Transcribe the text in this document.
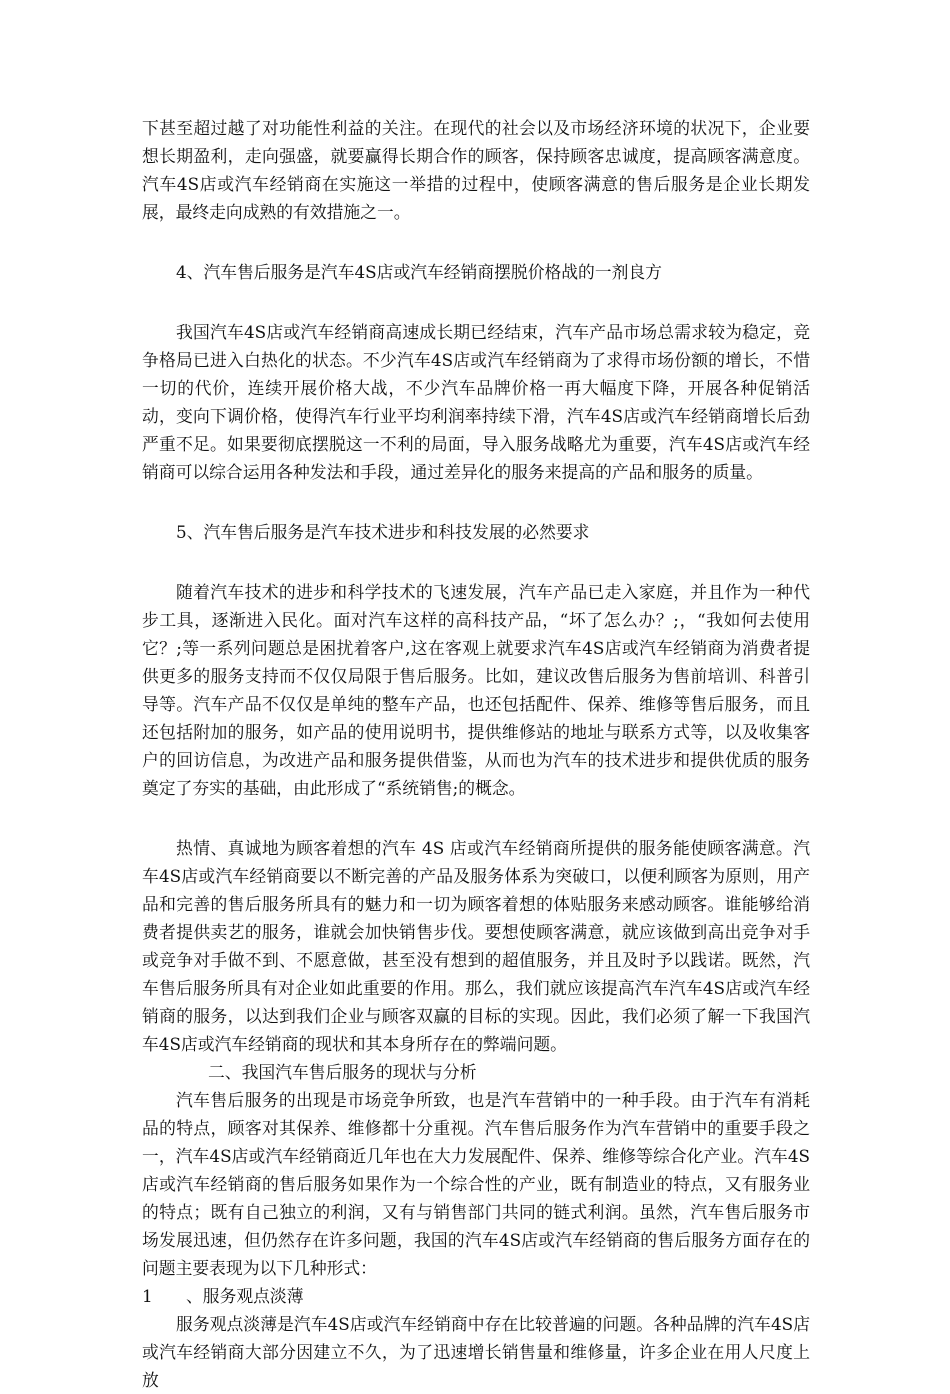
下甚至超过越了对功能性利益的关注。在现代的社会以及市场经济环境的状况下，企业要想长期盈利，走向强盛，就要赢得长期合作的顾客，保持顾客忠诚度，提高顾客满意度。汽车4S店或汽车经销商在实施这一举措的过程中，使顾客满意的售后服务是企业长期发展，最终走向成熟的有效措施之一。

4、汽车售后服务是汽车4S店或汽车经销商摆脱价格战的一剂良方

我国汽车4S店或汽车经销商高速成长期已经结束，汽车产品市场总需求较为稳定，竞争格局已进入白热化的状态。不少汽车4S店或汽车经销商为了求得市场份额的增长，不惜一切的代价，连续开展价格大战，不少汽车品牌价格一再大幅度下降，开展各种促销活动，变向下调价格，使得汽车行业平均利润率持续下滑，汽车4S店或汽车经销商增长后劲严重不足。如果要彻底摆脱这一不利的局面，导入服务战略尤为重要，汽车4S店或汽车经销商可以综合运用各种发法和手段，通过差异化的服务来提高的产品和服务的质量。

5、汽车售后服务是汽车技术进步和科技发展的必然要求

随着汽车技术的进步和科学技术的飞速发展，汽车产品已走入家庭，并且作为一种代步工具，逐渐进入民化。面对汽车这样的高科技产品，“坏了怎么办？;，“我如何去使用它？;等一系列问题总是困扰着客户,这在客观上就要求汽车4S店或汽车经销商为消费者提供更多的服务支持而不仅仅局限于售后服务。比如，建议改售后服务为售前培训、科普引导等。汽车产品不仅仅是单纯的整车产品，也还包括配件、保养、维修等售后服务，而且还包括附加的服务，如产品的使用说明书，提供维修站的地址与联系方式等，以及收集客户的回访信息，为改进产品和服务提供借鉴，从而也为汽车的技术进步和提供优质的服务奠定了夯实的基础，由此形成了“系统销售;的概念。

热情、真诚地为顾客着想的汽车 4S 店或汽车经销商所提供的服务能使顾客满意。汽车4S店或汽车经销商要以不断完善的产品及服务体系为突破口，以便利顾客为原则，用产品和完善的售后服务所具有的魅力和一切为顾客着想的体贴服务来感动顾客。谁能够给消费者提供卖艺的服务，谁就会加快销售步伐。要想使顾客满意，就应该做到高出竞争对手或竞争对手做不到、不愿意做，甚至没有想到的超值服务，并且及时予以践诺。既然，汽车售后服务所具有对企业如此重要的作用。那么，我们就应该提高汽车汽车4S店或汽车经销商的服务，以达到我们企业与顾客双赢的目标的实现。因此，我们必须了解一下我国汽车4S店或汽车经销商的现状和其本身所存在的弊端问题。

二、我国汽车售后服务的现状与分析

汽车售后服务的出现是市场竞争所致，也是汽车营销中的一种手段。由于汽车有消耗品的特点，顾客对其保养、维修都十分重视。汽车售后服务作为汽车营销中的重要手段之一，汽车4S店或汽车经销商近几年也在大力发展配件、保养、维修等综合化产业。汽车4S店或汽车经销商的售后服务如果作为一个综合性的产业，既有制造业的特点，又有服务业的特点；既有自己独立的利润，又有与销售部门共同的链式利润。虽然，汽车售后服务市场发展迅速，但仍然存在许多问题，我国的汽车4S店或汽车经销商的售后服务方面存在的问题主要表现为以下几种形式：

1 、服务观点淡薄

服务观点淡薄是汽车4S店或汽车经销商中存在比较普遍的问题。各种品牌的汽车4S店或汽车经销商大部分因建立不久，为了迅速增长销售量和维修量，许多企业在用人尺度上放
